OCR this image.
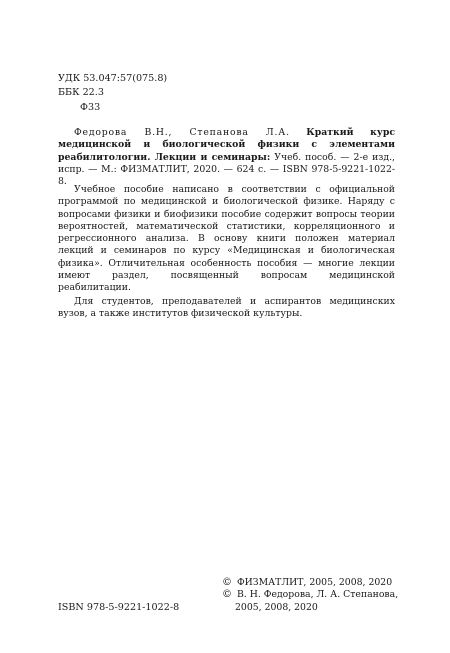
УДК 53.047:57(075.8)
ББК 22.3
Ф33
Федорова В.Н., Степанова Л.А. Краткий курс медицинской и биологической физики с элементами реабилитологии. Лекции и семинары: Учеб. пособ. — 2-е изд., испр. — М.: ФИЗМАТЛИТ, 2020. — 624 с. — ISBN 978-5-9221-1022-8.

Учебное пособие написано в соответствии с официальной программой по медицинской и биологической физике. Наряду с вопросами физики и биофизики пособие содержит вопросы теории вероятностей, математической статистики, корреляционного и регрессионного анализа. В основу книги положен материал лекций и семинаров по курсу «Медицинская и биологическая физика». Отличительная особенность пособия — многие лекции имеют раздел, посвященный вопросам медицинской реабилитации.

Для студентов, преподавателей и аспирантов медицинских вузов, а также институтов физической культуры.

© ФИЗМАТЛИТ, 2005, 2008, 2020
© В. Н. Федорова, Л. А. Степанова,
2005, 2008, 2020
ISBN 978-5-9221-1022-8
